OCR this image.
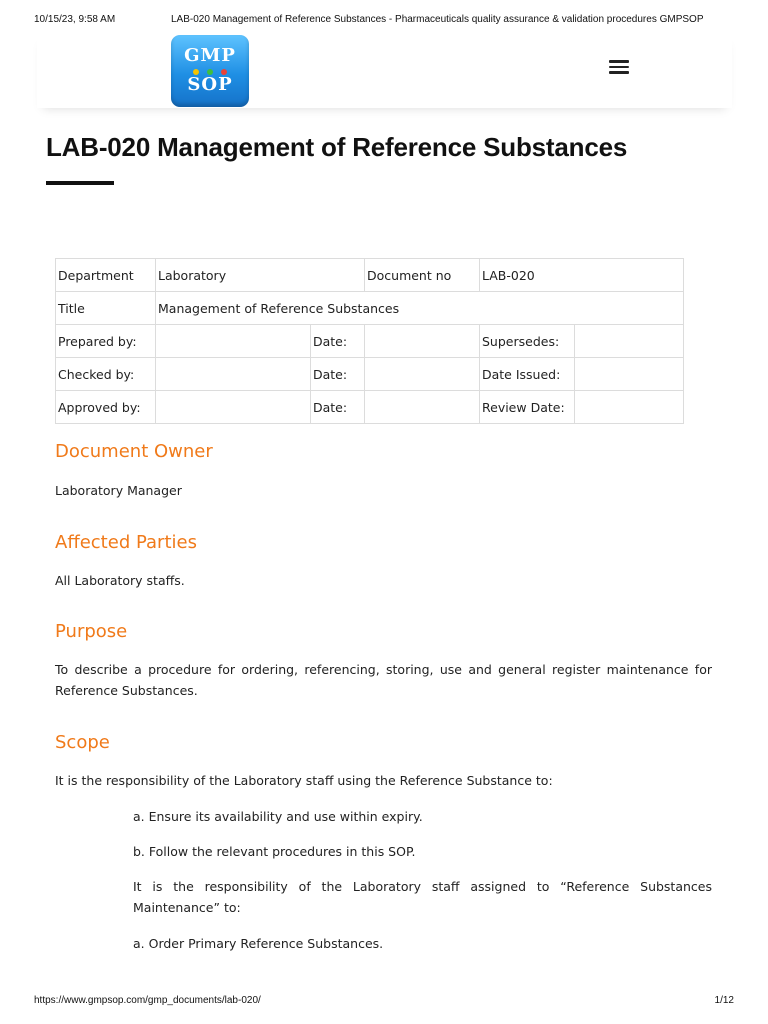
10/15/23, 9:58 AM	LAB-020 Management of Reference Substances - Pharmaceuticals quality assurance & validation procedures GMPSOP
GMP
SOP
LAB-020 Management of Reference Substances
Department	Laboratory		Document no	LAB-020	
Title	Management of Reference Substances				
Prepared by:		Date:		Supersedes:	
Checked by:		Date:		Date Issued:	
Approved by:		Date:		Review Date:	
Document Owner

Laboratory Manager

Affected Parties

All Laboratory staffs.

Purpose

To describe a procedure for ordering, referencing, storing, use and general register maintenance for Reference Substances.

Scope

It is the responsibility of the Laboratory staff using the Reference Substance to:

a. Ensure its availability and use within expiry.

b. Follow the relevant procedures in this SOP.

It is the responsibility of the Laboratory staff assigned to “Reference Substances Maintenance” to:

a. Order Primary Reference Substances.

https://www.gmpsop.com/gmp_documents/lab-020/	1/12
